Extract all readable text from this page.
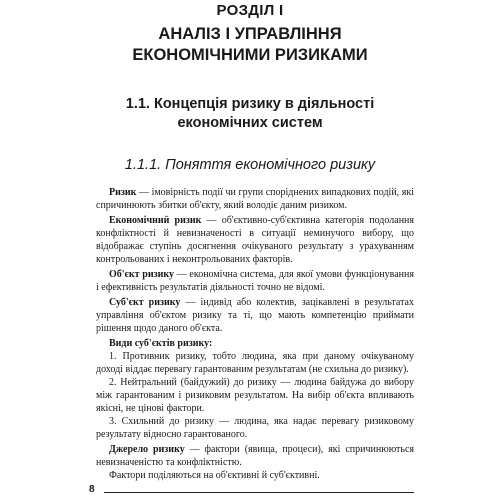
РОЗДІЛ І
АНАЛІЗ І УПРАВЛІННЯ
ЕКОНОМІЧНИМИ РИЗИКАМИ
1.1. Концепція ризику в діяльності
економічних систем
1.1.1. Поняття економічного ризику

Ризик — імовірність події чи групи споріднених випадкових подій, які спричинюють збитки об'єкту, який володіє даним ризиком.

Економічний ризик — об'єктивно-суб'єктивна категорія подолання конфліктності й невизначеності в ситуації неминучого вибору, що відображає ступінь досягнення очікуваного результату з урахуванням контрольованих і неконтрольованих факторів.

Об'єкт ризику — економічна система, для якої умови функціонування і ефективність результатів діяльності точно не відомі.

Суб'єкт ризику — індивід або колектив, зацікавлені в результатах управління об'єктом ризику та ті, що мають компетенцію приймати рішення щодо даного об'єкта.

Види суб'єктів ризику:

1. Противник ризику, тобто людина, яка при даному очікуваному доході віддає перевагу гарантованим результатам (не схильна до ризику).

2. Нейтральний (байдужий) до ризику — людина байдужа до вибору між гарантованим і ризиковим результатом. На вибір об'єкта впливають якісні, не цінові фактори.

3. Схильний до ризику — людина, яка надає перевагу ризиковому результату відносно гарантованого.

Джерело ризику — фактори (явища, процеси), які спричинюються невизначеністю та конфліктністю.

Фактори поділяються на об'єктивні й суб'єктивні.

8
